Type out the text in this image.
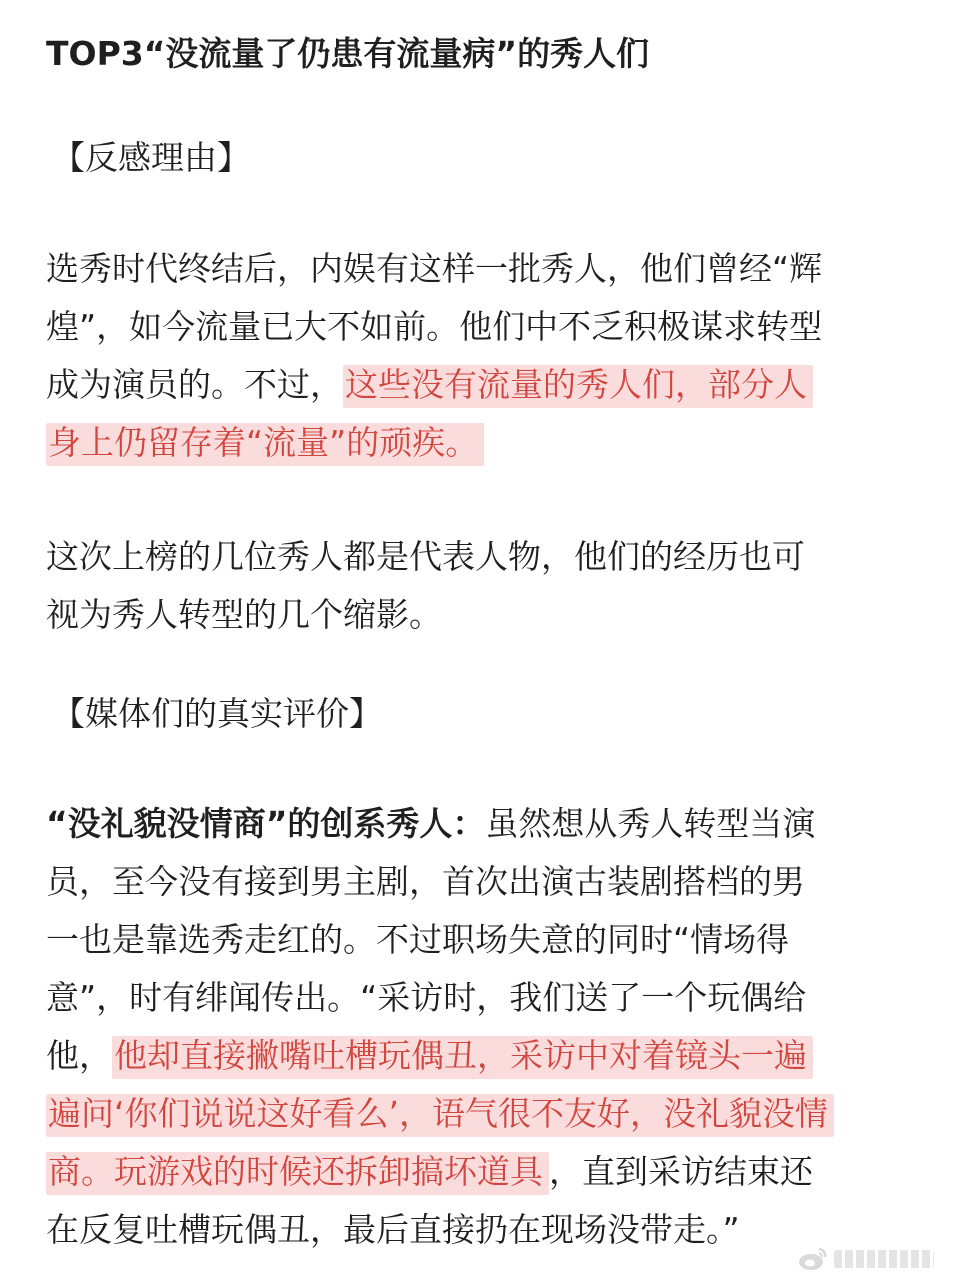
TOP3“没流量了仍患有流量病”的秀人们
【反感理由】
选秀时代终结后，内娱有这样一批秀人，他们曾经“辉
煌”，如今流量已大不如前。他们中不乏积极谋求转型
成为演员的。不过，这些没有流量的秀人们，部分人
身上仍留存着“流量”的顽疾。
这次上榜的几位秀人都是代表人物，他们的经历也可
视为秀人转型的几个缩影。
【媒体们的真实评价】
“没礼貌没情商”的创系秀人：虽然想从秀人转型当演
员，至今没有接到男主剧，首次出演古装剧搭档的男
一也是靠选秀走红的。不过职场失意的同时“情场得
意”，时有绯闻传出。“采访时，我们送了一个玩偶给
他，他却直接撇嘴吐槽玩偶丑，采访中对着镜头一遍
遍问‘你们说说这好看么’，语气很不友好，没礼貌没情
商。玩游戏的时候还拆卸搞坏道具 ，直到采访结束还
在反复吐槽玩偶丑，最后直接扔在现场没带走。”
